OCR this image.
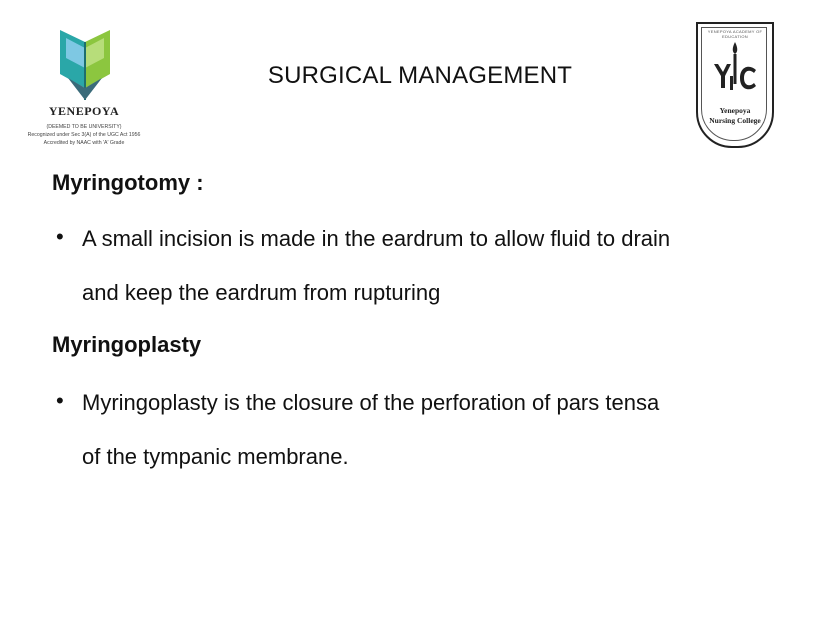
YENEPOYA
(DEEMED TO BE UNIVERSITY)
Recognized under Sec 3(A) of the UGC Act 1956
Accredited by NAAC with 'A' Grade
SURGICAL MANAGEMENT
YENEPOYA ACADEMY OF EDUCATION
Yenepoya
Nursing College
Myringotomy :
• A small incision is made in the eardrum to allow fluid to drain
and keep the eardrum from rupturing
Myringoplasty
• Myringoplasty is the closure of the perforation of pars tensa
of the tympanic membrane.
